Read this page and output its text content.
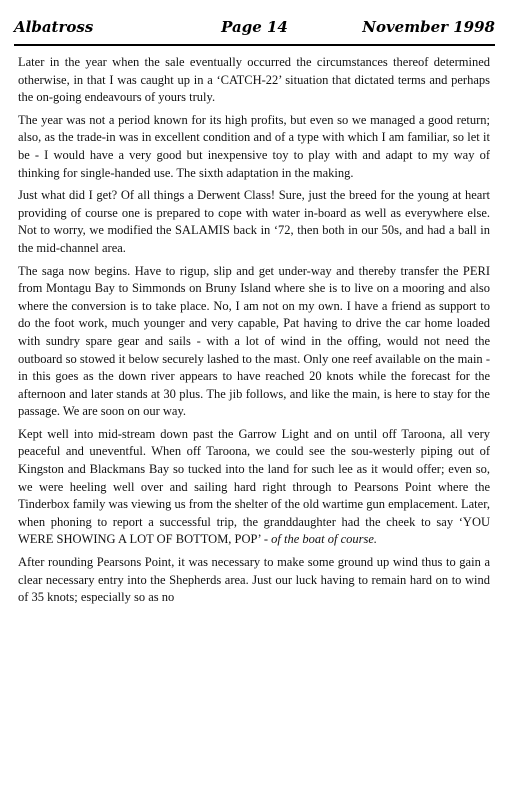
Albatross	Page 14	November 1998

Later in the year when the sale eventually occurred the circumstances thereof determined otherwise, in that I was caught up in a ‘CATCH-22’ situation that dictated terms and perhaps the on-going endeavours of yours truly.

The year was not a period known for its high profits, but even so we managed a good return; also, as the trade-in was in excellent condition and of a type with which I am familiar, so let it be - I would have a very good but inexpensive toy to play with and adapt to my way of thinking for single-handed use. The sixth adaptation in the making.

Just what did I get? Of all things a Derwent Class! Sure, just the breed for the young at heart providing of course one is prepared to cope with water in-board as well as everywhere else. Not to worry, we modified the SALAMIS back in ‘72, then both in our 50s, and had a ball in the mid-channel area.

The saga now begins. Have to rigup, slip and get under-way and thereby transfer the PERI from Montagu Bay to Simmonds on Bruny Island where she is to live on a mooring and also where the conversion is to take place. No, I am not on my own. I have a friend as support to do the foot work, much younger and very capable, Pat having to drive the car home loaded with sundry spare gear and sails - with a lot of wind in the offing, would not need the outboard so stowed it below securely lashed to the mast. Only one reef available on the main - in this goes as the down river appears to have reached 20 knots while the forecast for the afternoon and later stands at 30 plus. The jib follows, and like the main, is here to stay for the passage. We are soon on our way.

Kept well into mid-stream down past the Garrow Light and on until off Taroona, all very peaceful and uneventful. When off Taroona, we could see the sou-westerly piping out of Kingston and Blackmans Bay so tucked into the land for such lee as it would offer; even so, we were heeling well over and sailing hard right through to Pearsons Point where the Tinderbox family was viewing us from the shelter of the old wartime gun emplacement. Later, when phoning to report a successful trip, the granddaughter had the cheek to say ‘YOU WERE SHOWING A LOT OF BOTTOM, POP’ - of the boat of course.

After rounding Pearsons Point, it was necessary to make some ground up wind thus to gain a clear necessary entry into the Shepherds area. Just our luck having to remain hard on to wind of 35 knots; especially so as no
